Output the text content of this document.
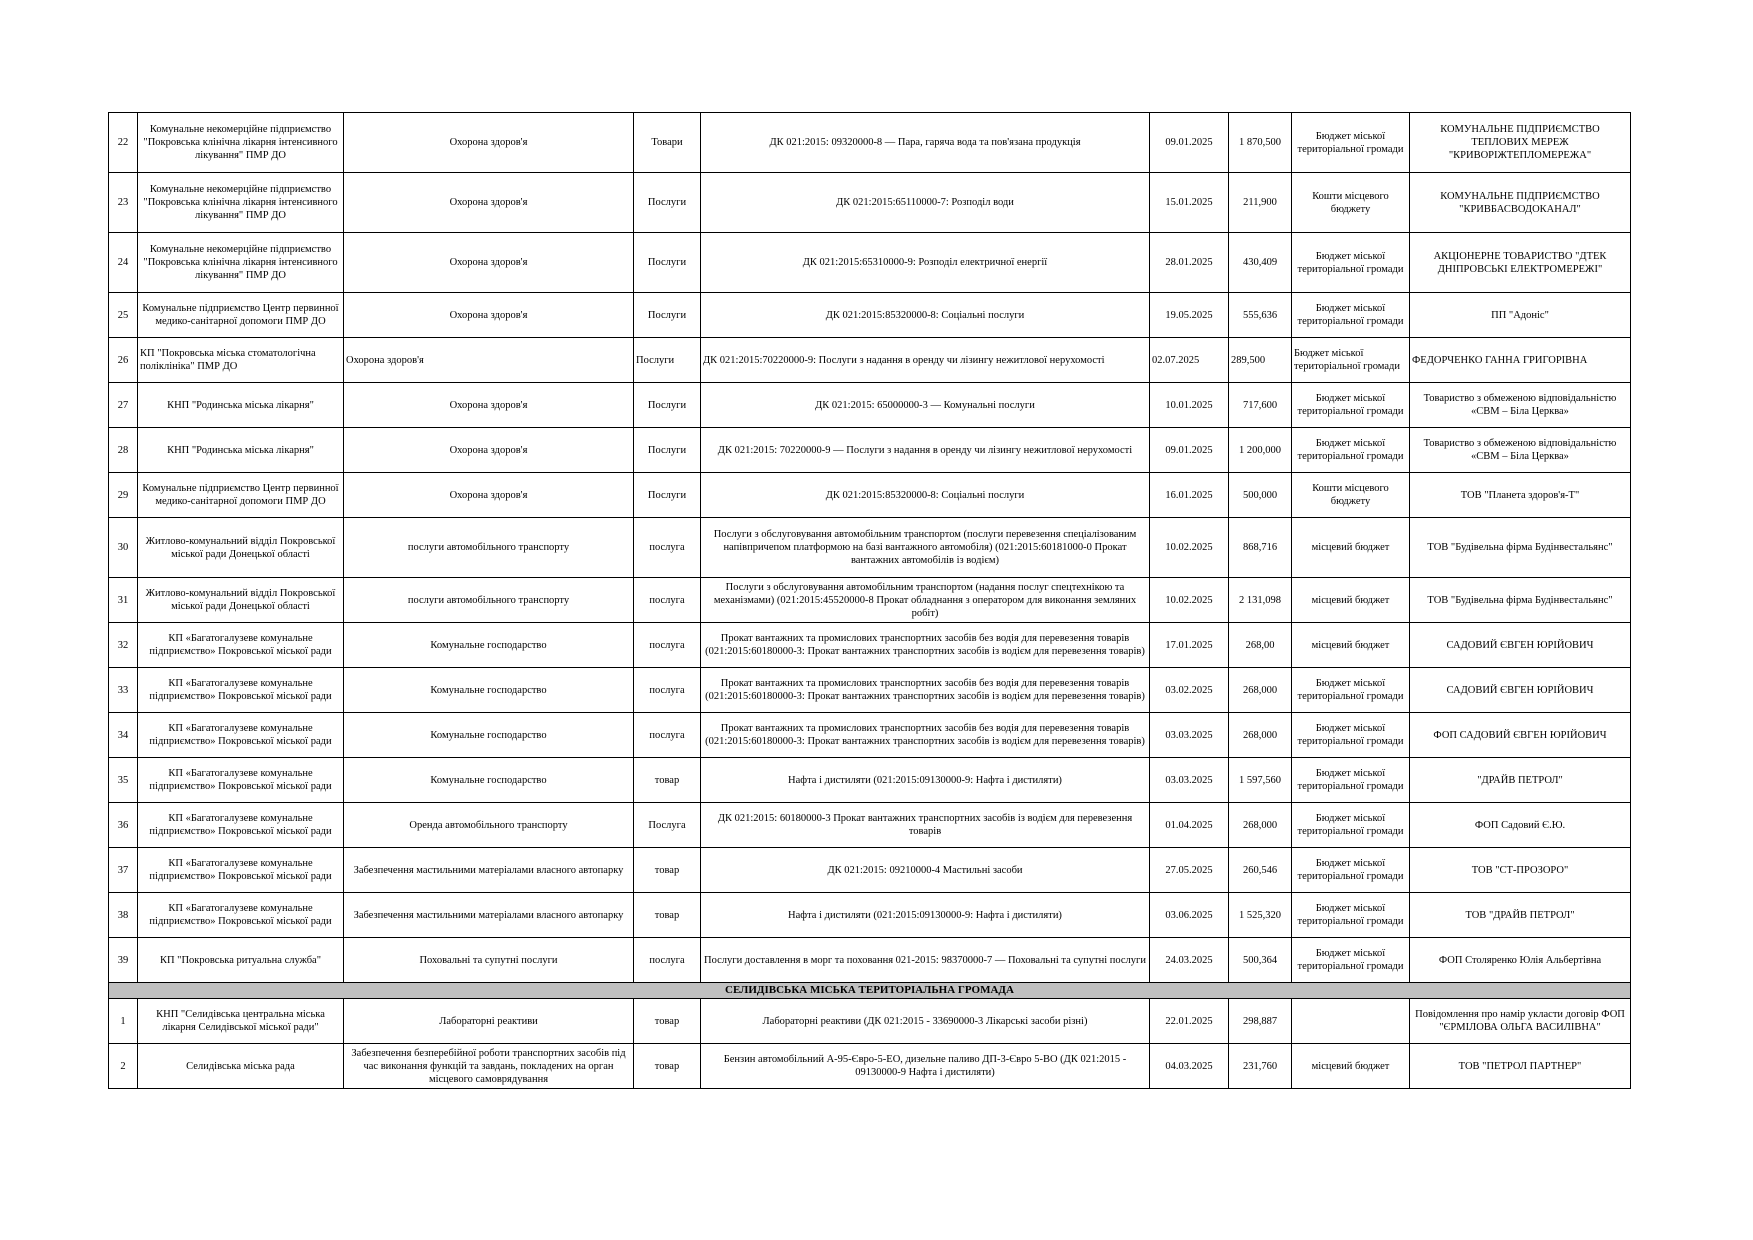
22	Комунальне некомерційне підприємство "Покровська клінічна лікарня інтенсивного лікування" ПМР ДО	Охорона здоров'я	Товари	ДК 021:2015: 09320000-8 — Пара, гаряча вода та пов'язана продукція	09.01.2025	1 870,500	Бюджет міської територіальної громади	КОМУНАЛЬНЕ ПІДПРИЄМСТВО ТЕПЛОВИХ МЕРЕЖ "КРИВОРІЖТЕПЛОМЕРЕЖА"
23	Комунальне некомерційне підприємство "Покровська клінічна лікарня інтенсивного лікування" ПМР ДО	Охорона здоров'я	Послуги	ДК 021:2015:65110000-7: Розподіл води	15.01.2025	211,900	Кошти місцевого бюджету	КОМУНАЛЬНЕ ПІДПРИЄМСТВО "КРИВБАСВОДОКАНАЛ"
24	Комунальне некомерційне підприємство "Покровська клінічна лікарня інтенсивного лікування" ПМР ДО	Охорона здоров'я	Послуги	ДК 021:2015:65310000-9: Розподіл електричної енергії	28.01.2025	430,409	Бюджет міської територіальної громади	АКЦІОНЕРНЕ ТОВАРИСТВО "ДТЕК ДНІПРОВСЬКІ ЕЛЕКТРОМЕРЕЖІ"
25	Комунальне підприємство Центр первинної медико-санітарної допомоги ПМР ДО	Охорона здоров'я	Послуги	ДК 021:2015:85320000-8: Соціальні послуги	19.05.2025	555,636	Бюджет міської територіальної громади	ПП "Адоніс"
26	КП "Покровська міська стоматологічна поліклініка" ПМР ДО	Охорона здоров'я	Послуги	ДК 021:2015:70220000-9: Послуги з надання в оренду чи лізингу нежитлової нерухомості	02.07.2025	289,500	Бюджет міської територіальної громади	ФЕДОРЧЕНКО ГАННА ГРИГОРІВНА
27	КНП "Родинська міська лікарня"	Охорона здоров'я	Послуги	ДК 021:2015: 65000000-3 — Комунальні послуги	10.01.2025	717,600	Бюджет міської територіальної громади	Товариство з обмеженою відповідальністю «СВМ – Біла Церква»
28	КНП "Родинська міська лікарня"	Охорона здоров'я	Послуги	ДК 021:2015: 70220000-9 — Послуги з надання в оренду чи лізингу нежитлової нерухомості	09.01.2025	1 200,000	Бюджет міської територіальної громади	Товариство з обмеженою відповідальністю «СВМ – Біла Церква»
29	Комунальне підприємство Центр первинної медико-санітарної допомоги ПМР ДО	Охорона здоров'я	Послуги	ДК 021:2015:85320000-8: Соціальні послуги	16.01.2025	500,000	Кошти місцевого бюджету	ТОВ "Планета здоров'я-Т"
30	Житлово-комунальний відділ Покровської міської ради Донецької області	послуги автомобільного транспорту	послуга	Послуги з обслуговування автомобільним транспортом (послуги перевезення спеціалізованим напівпричепом платформою на базі вантажного автомобіля) (021:2015:60181000-0 Прокат вантажних автомобілів із водієм)	10.02.2025	868,716	місцевий бюджет	ТОВ "Будівельна фірма Будінвестальянс"
31	Житлово-комунальний відділ Покровської міської ради Донецької області	послуги автомобільного транспорту	послуга	Послуги з обслуговування автомобільним транспортом (надання послуг спецтехнікою та механізмами) (021:2015:45520000-8 Прокат обладнання з оператором для виконання земляних робіт)	10.02.2025	2 131,098	місцевий бюджет	ТОВ "Будівельна фірма Будінвестальянс"
32	КП «Багатогалузеве комунальне підприємство» Покровської міської ради	Комунальне господарство	послуга	Прокат вантажних та промислових транспортних засобів без водія для перевезення товарів (021:2015:60180000-3: Прокат вантажних транспортних засобів із водієм для перевезення товарів)	17.01.2025	268,00	місцевий бюджет	САДОВИЙ ЄВГЕН ЮРІЙОВИЧ
33	КП «Багатогалузеве комунальне підприємство» Покровської міської ради	Комунальне господарство	послуга	Прокат вантажних та промислових транспортних засобів без водія для перевезення товарів (021:2015:60180000-3: Прокат вантажних транспортних засобів із водієм для перевезення товарів)	03.02.2025	268,000	Бюджет міської територіальної громади	САДОВИЙ ЄВГЕН ЮРІЙОВИЧ
34	КП «Багатогалузеве комунальне підприємство» Покровської міської ради	Комунальне господарство	послуга	Прокат вантажних та промислових транспортних засобів без водія для перевезення товарів (021:2015:60180000-3: Прокат вантажних транспортних засобів із водієм для перевезення товарів)	03.03.2025	268,000	Бюджет міської територіальної громади	ФОП САДОВИЙ ЄВГЕН ЮРІЙОВИЧ
35	КП «Багатогалузеве комунальне підприємство» Покровської міської ради	Комунальне господарство	товар	Нафта і дистиляти (021:2015:09130000-9: Нафта і дистиляти)	03.03.2025	1 597,560	Бюджет міської територіальної громади	"ДРАЙВ ПЕТРОЛ"
36	КП «Багатогалузеве комунальне підприємство» Покровської міської ради	Оренда автомобільного транспорту	Послуга	ДК 021:2015: 60180000-3 Прокат вантажних транспортних засобів із водієм для перевезення товарів	01.04.2025	268,000	Бюджет міської територіальної громади	ФОП Садовий Є.Ю.
37	КП «Багатогалузеве комунальне підприємство» Покровської міської ради	Забезпечення мастильними матеріалами власного автопарку	товар	ДК 021:2015: 09210000-4 Мастильні засоби	27.05.2025	260,546	Бюджет міської територіальної громади	ТОВ "СТ-ПРОЗОРО"
38	КП «Багатогалузеве комунальне підприємство» Покровської міської ради	Забезпечення мастильними матеріалами власного автопарку	товар	Нафта і дистиляти (021:2015:09130000-9: Нафта і дистиляти)	03.06.2025	1 525,320	Бюджет міської територіальної громади	ТОВ "ДРАЙВ ПЕТРОЛ"
39	КП "Покровська ритуальна служба"	Поховальні та супутні послуги	послуга	Послуги доставлення в морг та поховання 021-2015: 98370000-7 — Поховальні та супутні послуги	24.03.2025	500,364	Бюджет міської територіальної громади	ФОП Столяренко Юлія Альбертівна
СЕЛИДІВСЬКА МІСЬКА ТЕРИТОРІАЛЬНА ГРОМАДА								
1	КНП "Селидівська центральна міська лікарня Селидівської міської ради"	Лабораторні реактиви	товар	Лабораторні реактиви (ДК 021:2015 - 33690000-3 Лікарські засоби різні)	22.01.2025	298,887		Повідомлення про намір укласти договір ФОП "ЄРМІЛОВА ОЛЬГА ВАСИЛІВНА"
2	Селидівська міська рада	Забезпечення безперебійної роботи транспортних засобів під час виконання функцій та завдань, покладених на орган місцевого самоврядування	товар	Бензин автомобільний А-95-Євро-5-ЕО, дизельне паливо ДП-3-Євро 5-ВО (ДК 021:2015 - 09130000-9 Нафта і дистиляти)	04.03.2025	231,760	місцевий бюджет	ТОВ "ПЕТРОЛ ПАРТНЕР"
